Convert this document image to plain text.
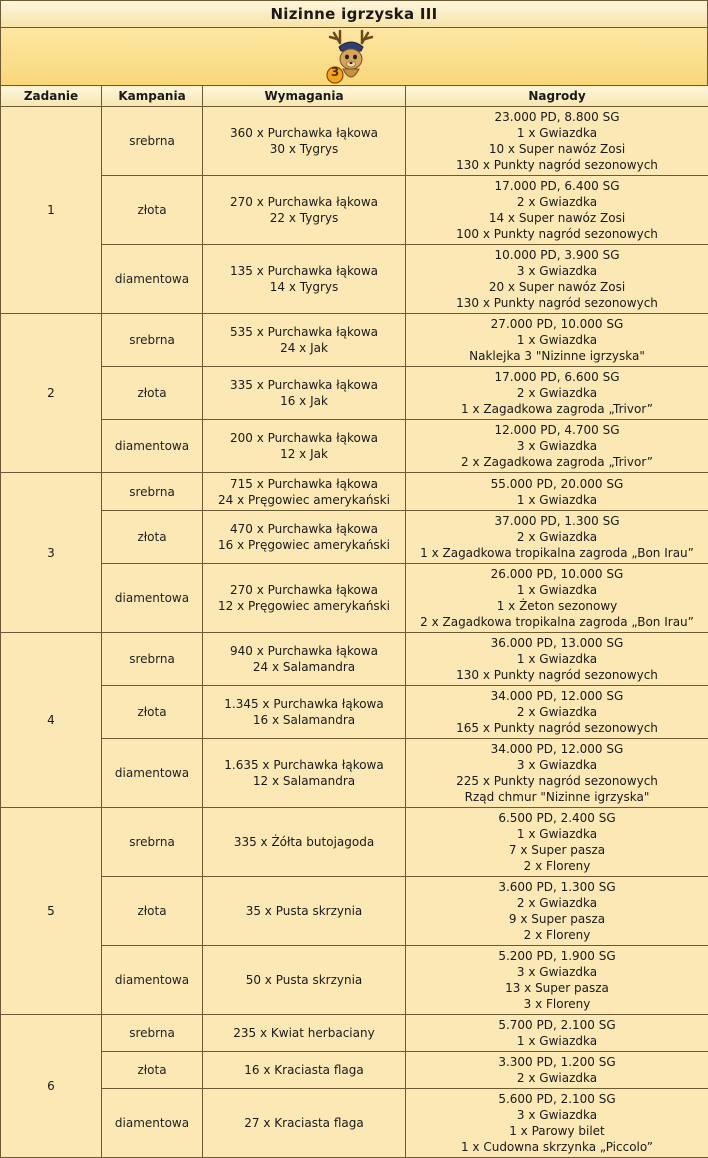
Nizinne igrzyska III
3
Zadanie	Kampania	Wymagania	Nagrody
1	srebrna	360 x Purchawka łąkowa
30 x Tygrys	23.000 PD, 8.800 SG
1 x Gwiazdka
10 x Super nawóz Zosi
130 x Punkty nagród sezonowych

	złota	270 x Purchawka łąkowa
22 x Tygrys	17.000 PD, 6.400 SG
2 x Gwiazdka
14 x Super nawóz Zosi
100 x Punkty nagród sezonowych

	diamentowa	135 x Purchawka łąkowa
14 x Tygrys	10.000 PD, 3.900 SG
3 x Gwiazdka
20 x Super nawóz Zosi
130 x Punkty nagród sezonowych

2	srebrna	535 x Purchawka łąkowa
24 x Jak	27.000 PD, 10.000 SG
1 x Gwiazdka
Naklejka 3 "Nizinne igrzyska"

	złota	335 x Purchawka łąkowa
16 x Jak	17.000 PD, 6.600 SG
2 x Gwiazdka
1 x Zagadkowa zagroda „Trivor”

	diamentowa	200 x Purchawka łąkowa
12 x Jak	12.000 PD, 4.700 SG
3 x Gwiazdka
2 x Zagadkowa zagroda „Trivor”

3	srebrna	715 x Purchawka łąkowa
24 x Pręgowiec amerykański	55.000 PD, 20.000 SG
1 x Gwiazdka

	złota	470 x Purchawka łąkowa
16 x Pręgowiec amerykański	37.000 PD, 1.300 SG
2 x Gwiazdka
1 x Zagadkowa tropikalna zagroda „Bon Irau”

	diamentowa	270 x Purchawka łąkowa
12 x Pręgowiec amerykański	26.000 PD, 10.000 SG
1 x Gwiazdka
1 x Żeton sezonowy
2 x Zagadkowa tropikalna zagroda „Bon Irau”

4	srebrna	940 x Purchawka łąkowa
24 x Salamandra	36.000 PD, 13.000 SG
1 x Gwiazdka
130 x Punkty nagród sezonowych

	złota	1.345 x Purchawka łąkowa
16 x Salamandra	34.000 PD, 12.000 SG
2 x Gwiazdka
165 x Punkty nagród sezonowych

	diamentowa	1.635 x Purchawka łąkowa
12 x Salamandra	34.000 PD, 12.000 SG
3 x Gwiazdka
225 x Punkty nagród sezonowych
Rząd chmur "Nizinne igrzyska"

5	srebrna	335 x Żółta butojagoda	6.500 PD, 2.400 SG
1 x Gwiazdka
7 x Super pasza
2 x Floreny

	złota	35 x Pusta skrzynia	3.600 PD, 1.300 SG
2 x Gwiazdka
9 x Super pasza
2 x Floreny

	diamentowa	50 x Pusta skrzynia	5.200 PD, 1.900 SG
3 x Gwiazdka
13 x Super pasza
3 x Floreny

6	srebrna	235 x Kwiat herbaciany	5.700 PD, 2.100 SG
1 x Gwiazdka

	złota	16 x Kraciasta flaga	3.300 PD, 1.200 SG
2 x Gwiazdka

	diamentowa	27 x Kraciasta flaga	5.600 PD, 2.100 SG
3 x Gwiazdka
1 x Parowy bilet
1 x Cudowna skrzynka „Piccolo”
